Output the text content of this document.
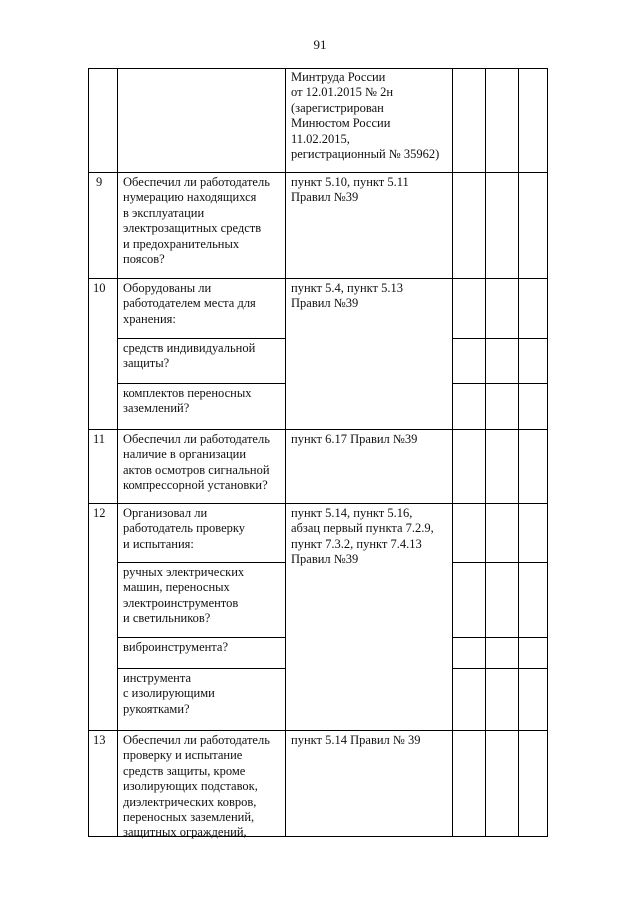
91
Минтруда России
от 12.01.2015 № 2н
(зарегистрирован
Минюстом России
11.02.2015,
регистрационный № 35962)
9 Обеспечил ли работодатель
нумерацию находящихся
в эксплуатации
электрозащитных средств
и предохранительных
поясов?
пункт 5.10, пункт 5.11
Правил №39
10 Оборудованы ли
работодателем места для
хранения:
пункт 5.4, пункт 5.13
Правил №39
средств индивидуальной
защиты?
комплектов переносных
заземлений?
11 Обеспечил ли работодатель
наличие в организации
актов осмотров сигнальной
компрессорной установки?
пункт 6.17 Правил №39
12 Организовал ли
работодатель проверку
и испытания:
пункт 5.14, пункт 5.16,
абзац первый пункта 7.2.9,
пункт 7.3.2, пункт 7.4.13
Правил №39
ручных электрических
машин, переносных
электроинструментов
и светильников?
виброинструмента?
инструмента
с изолирующими
рукоятками?
13 Обеспечил ли работодатель
проверку и испытание
средств защиты, кроме
изолирующих подставок,
диэлектрических ковров,
переносных заземлений,
защитных ограждений,
пункт 5.14 Правил № 39
